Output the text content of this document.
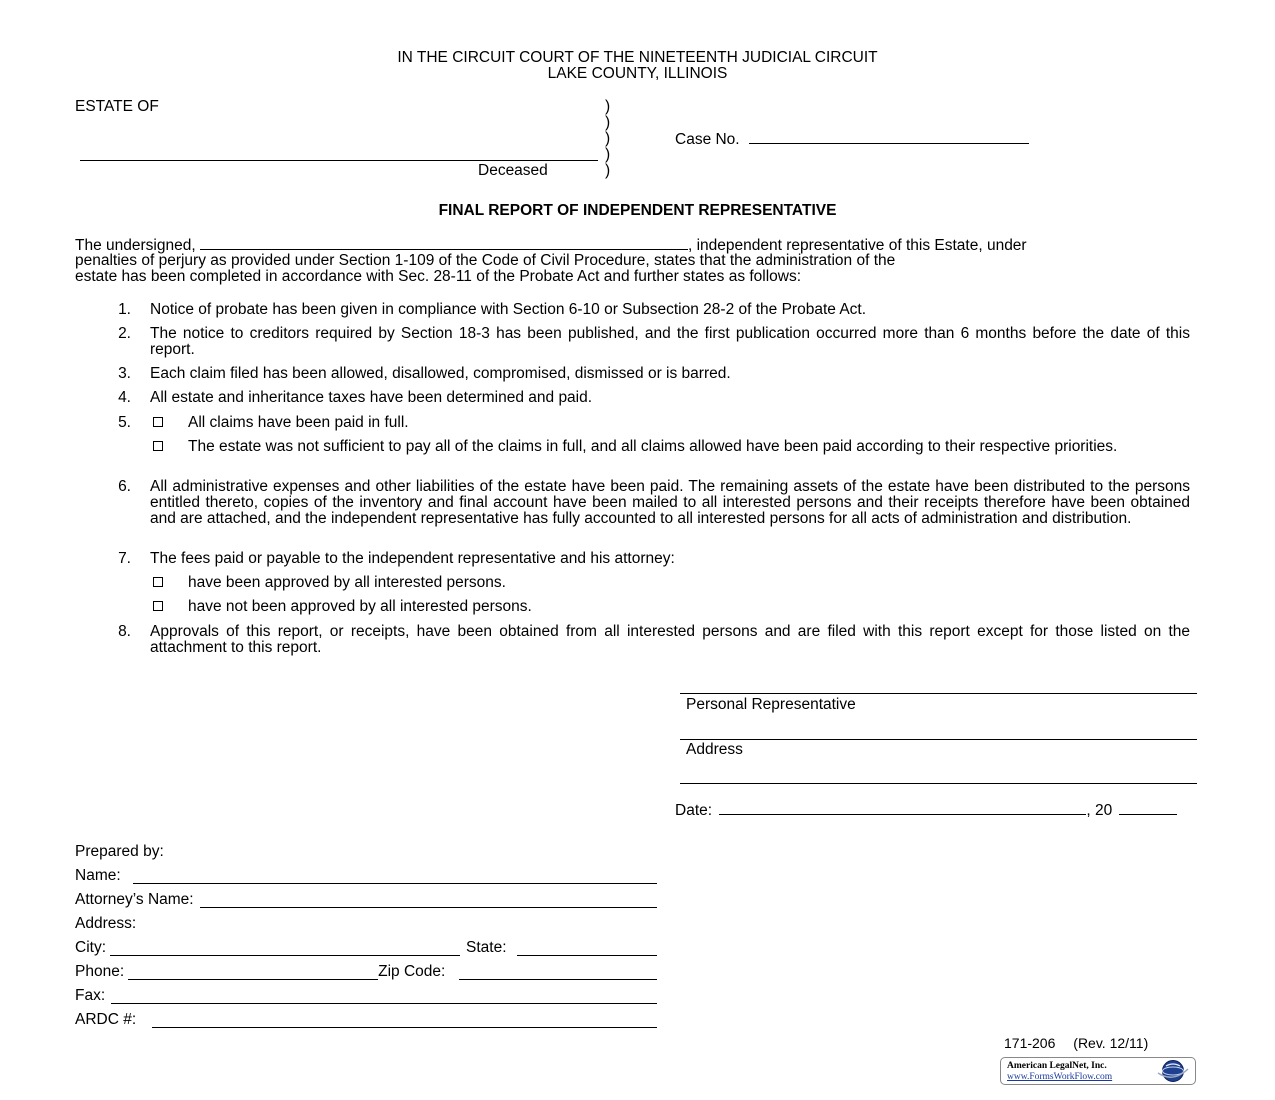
IN THE CIRCUIT COURT OF THE NINETEENTH JUDICIAL CIRCUIT
LAKE COUNTY, ILLINOIS
ESTATE OF	)
)
)
)
)
Deceased
Case No.
FINAL REPORT OF INDEPENDENT REPRESENTATIVE
The undersigned,	, independent representative of this Estate, under
penalties of perjury as provided under Section 1-109 of the Code of Civil Procedure, states that the administration of the
estate has been completed in accordance with Sec. 28-11 of the Probate Act and further states as follows:
1. Notice of probate has been given in compliance with Section 6-10 or Subsection 28-2 of the Probate Act.
2. The notice to creditors required by Section 18-3 has been published, and the first publication occurred more than 6 months before the date of this report.
3. Each claim filed has been allowed, disallowed, compromised, dismissed or is barred.
4. All estate and inheritance taxes have been determined and paid.
5.	All claims have been paid in full.
The estate was not sufficient to pay all of the claims in full, and all claims allowed have been paid according to their respective priorities.
6. All administrative expenses and other liabilities of the estate have been paid. The remaining assets of the estate have been distributed to the persons entitled thereto, copies of the inventory and final account have been mailed to all interested persons and their receipts therefore have been obtained and are attached, and the independent representative has fully accounted to all interested persons for all acts of administration and distribution.
7. The fees paid or payable to the independent representative and his attorney:
have been approved by all interested persons.
have not been approved by all interested persons.
8. Approvals of this report, or receipts, have been obtained from all interested persons and are filed with this report except for those listed on the attachment to this report.
Personal Representative
Address
Date:	, 20
Prepared by:
Name:
Attorney’s Name:
Address:
City:	State:
Phone:	Zip Code:
Fax:
ARDC #:
171-206 (Rev. 12/11)
American LegalNet, Inc.
www.FormsWorkFlow.com
